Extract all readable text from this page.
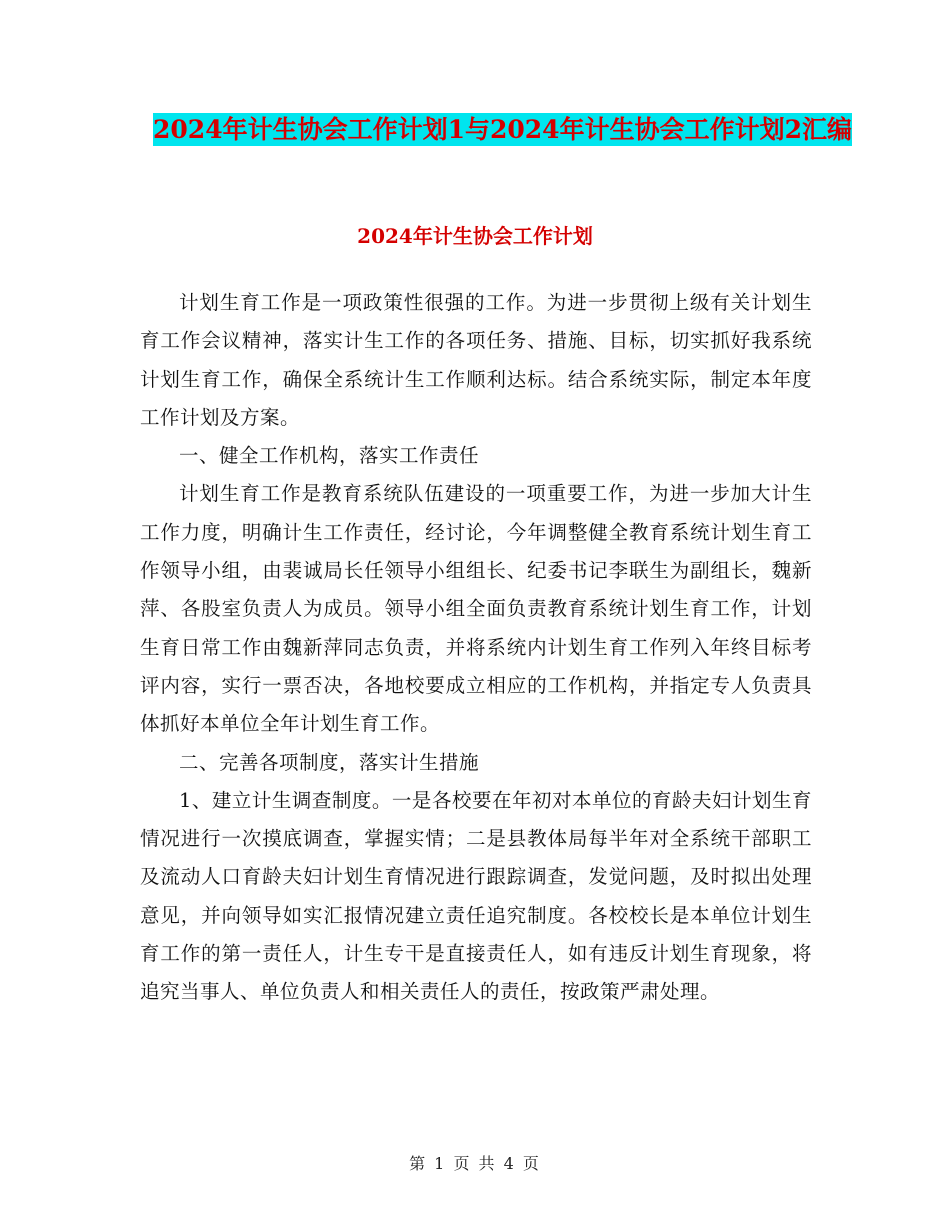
2024年计生协会工作计划1与2024年计生协会工作计划2汇编
2024年计生协会工作计划

计划生育工作是一项政策性很强的工作。为进一步贯彻上级有关计划生育工作会议精神，落实计生工作的各项任务、措施、目标，切实抓好我系统计划生育工作，确保全系统计生工作顺利达标。结合系统实际，制定本年度工作计划及方案。

一、健全工作机构，落实工作责任

计划生育工作是教育系统队伍建设的一项重要工作，为进一步加大计生工作力度，明确计生工作责任，经讨论，今年调整健全教育系统计划生育工作领导小组，由裴诚局长任领导小组组长、纪委书记李联生为副组长，魏新萍、各股室负责人为成员。领导小组全面负责教育系统计划生育工作，计划生育日常工作由魏新萍同志负责，并将系统内计划生育工作列入年终目标考评内容，实行一票否决，各地校要成立相应的工作机构，并指定专人负责具体抓好本单位全年计划生育工作。

二、完善各项制度，落实计生措施

1、建立计生调查制度。一是各校要在年初对本单位的育龄夫妇计划生育情况进行一次摸底调查，掌握实情；二是县教体局每半年对全系统干部职工及流动人口育龄夫妇计划生育情况进行跟踪调查，发觉问题，及时拟出处理意见，并向领导如实汇报情况建立责任追究制度。各校校长是本单位计划生育工作的第一责任人，计生专干是直接责任人，如有违反计划生育现象，将追究当事人、单位负责人和相关责任人的责任，按政策严肃处理。

第 1 页 共 4 页
